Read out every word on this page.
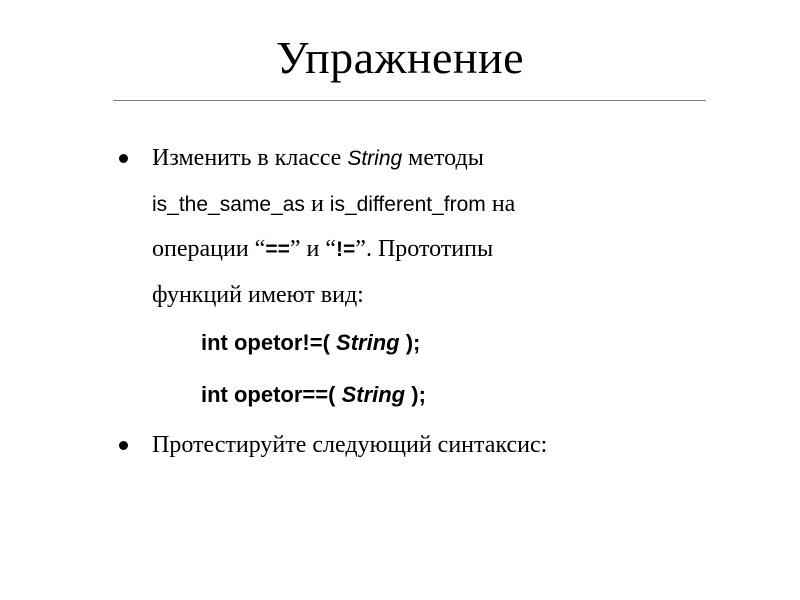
Упражнение
Изменить в классе String методы
is_the_same_as и is_different_from на
операции “==” и “!=”. Прототипы
функций имеют вид:
int opetor!=( String );
int opetor==( String );
Протестируйте следующий синтаксис:
